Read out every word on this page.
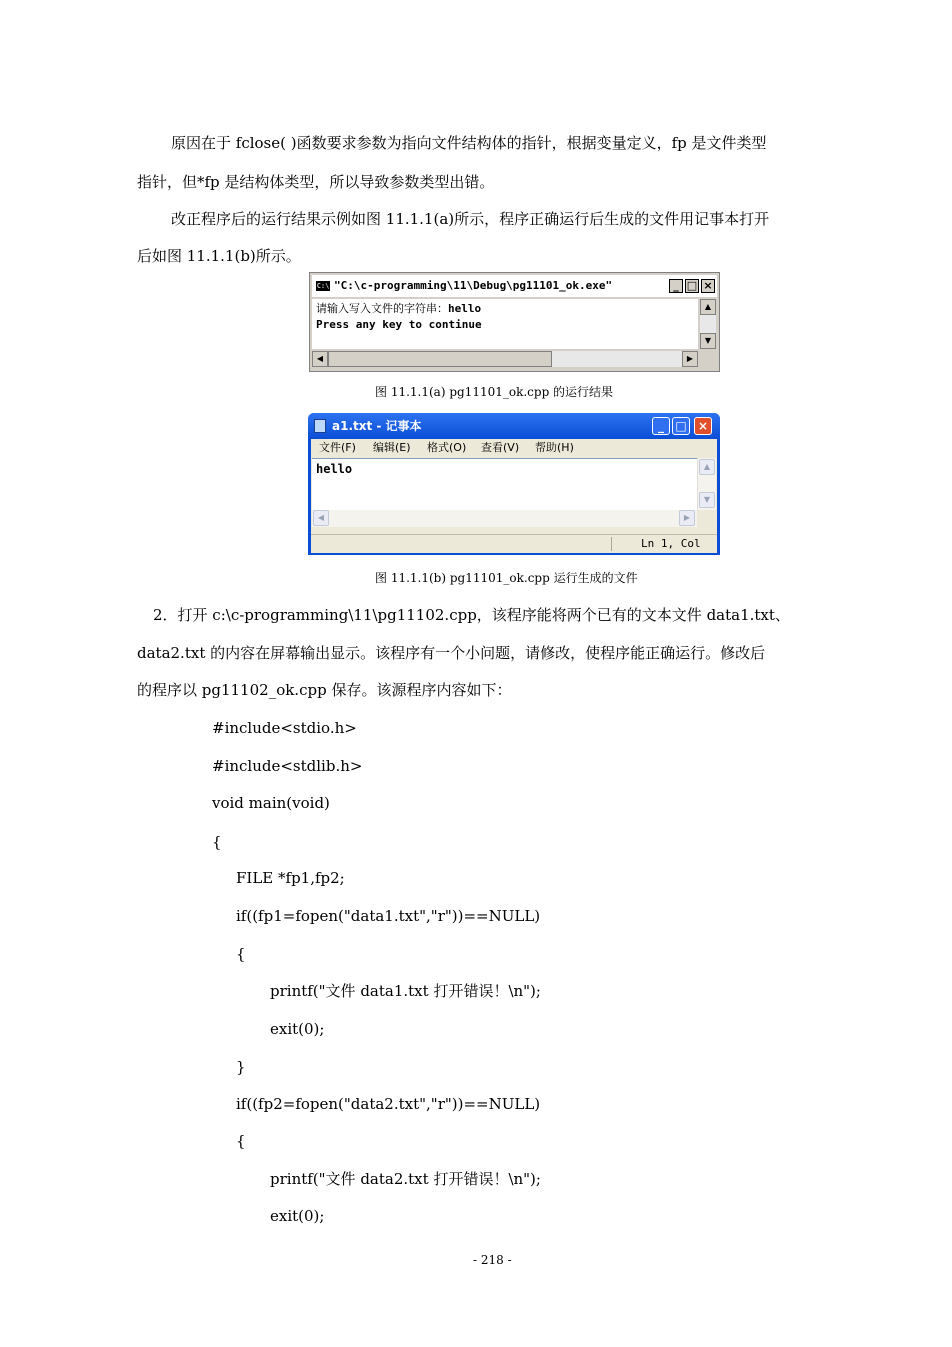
原因在于 fclose( )函数要求参数为指向文件结构体的指针，根据变量定义，fp 是文件类型
指针，但*fp 是结构体类型，所以导致参数类型出错。
改正程序后的运行结果示例如图 11.1.1(a)所示，程序正确运行后生成的文件用记事本打开
后如图 11.1.1(b)所示。
C:\ "C:\c-programming\11\Debug\pg11101_ok.exe"	_ □ ×
请输入写入文件的字符串：hello
Press any key to continue
▲
▼
◀	▶
图 11.1.1(a) pg11101_ok.cpp 的运行结果
a1.txt - 记事本	_ □ ×
文件(F) 编辑(E) 格式(O) 查看(V) 帮助(H)
hello	▲
▼
◀	▶
Ln 1, Col
图 11.1.1(b) pg11101_ok.cpp 运行生成的文件
2．打开 c:\c-programming\11\pg11102.cpp，该程序能将两个已有的文本文件 data1.txt、
data2.txt 的内容在屏幕输出显示。该程序有一个小问题，请修改，使程序能正确运行。修改后
的程序以 pg11102_ok.cpp 保存。该源程序内容如下：
#include<stdio.h>
#include<stdlib.h>
void main(void)
{
FILE *fp1,fp2;
if((fp1=fopen("data1.txt","r"))==NULL)
{
printf("文件 data1.txt 打开错误！\n");
exit(0);
}
if((fp2=fopen("data2.txt","r"))==NULL)
{
printf("文件 data2.txt 打开错误！\n");
exit(0);
- 218 -
